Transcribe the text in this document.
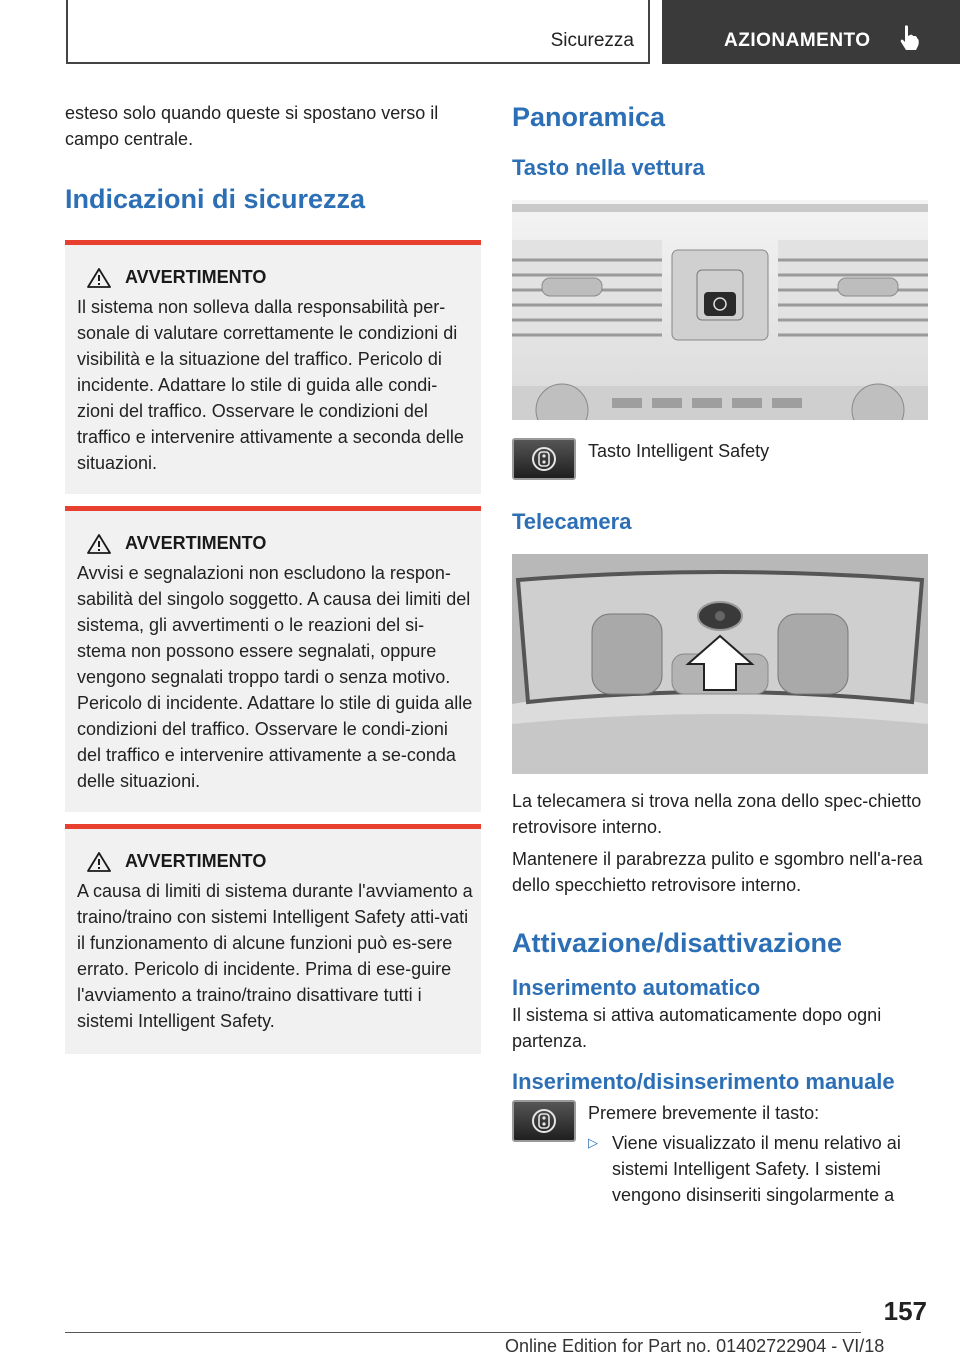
Sicurezza	AZIONAMENTO

esteso solo quando queste si spostano verso il campo centrale.

Indicazioni di sicurezza
AVVERTIMENTO

Il sistema non solleva dalla responsabilità per-sonale di valutare correttamente le condizioni di visibilità e la situazione del traffico. Pericolo di incidente. Adattare lo stile di guida alle condi-zioni del traffico. Osservare le condizioni del traffico e intervenire attivamente a seconda delle situazioni.

AVVERTIMENTO

Avvisi e segnalazioni non escludono la respon-sabilità del singolo soggetto. A causa dei limiti del sistema, gli avvertimenti o le reazioni del si-stema non possono essere segnalati, oppure vengono segnalati troppo tardi o senza motivo. Pericolo di incidente. Adattare lo stile di guida alle condizioni del traffico. Osservare le condi-zioni del traffico e intervenire attivamente a se-conda delle situazioni.

AVVERTIMENTO

A causa di limiti di sistema durante l'avviamento a traino/traino con sistemi Intelligent Safety atti-vati il funzionamento di alcune funzioni può es-sere errato. Pericolo di incidente. Prima di ese-guire l'avviamento a traino/traino disattivare tutti i sistemi Intelligent Safety.

Panoramica
Tasto nella vettura

Tasto Intelligent Safety

Telecamera

La telecamera si trova nella zona dello spec-chietto retrovisore interno.

Mantenere il parabrezza pulito e sgombro nell'a-rea dello specchietto retrovisore interno.

Attivazione/disattivazione
Inserimento automatico

Il sistema si attiva automaticamente dopo ogni partenza.

Inserimento/disinserimento manuale

Premere brevemente il tasto:

▷ Viene visualizzato il menu relativo ai sistemi Intelligent Safety. I sistemi vengono disinseriti singolarmente a
157
Online Edition for Part no. 01402722904 - VI/18
